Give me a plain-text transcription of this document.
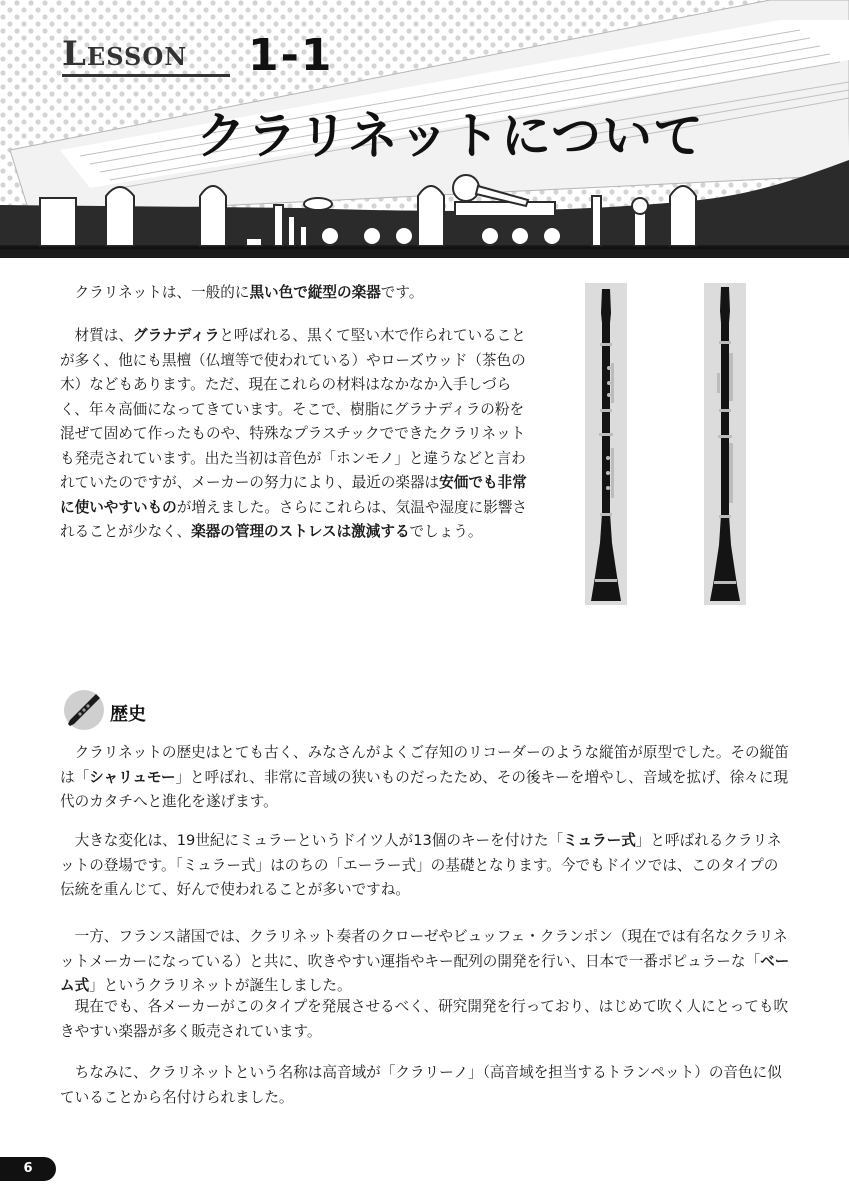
Lesson 1-1
クラリネットについて

クラリネットは、一般的に黒い色で縦型の楽器です。

材質は、グラナディラと呼ばれる、黒くて堅い木で作られていることが多く、他にも黒檀（仏壇等で使われている）やローズウッド（茶色の木）などもあります。ただ、現在これらの材料はなかなか入手しづらく、年々高価になってきています。そこで、樹脂にグラナディラの粉を混ぜて固めて作ったものや、特殊なプラスチックでできたクラリネットも発売されています。出た当初は音色が「ホンモノ」と違うなどと言われていたのですが、メーカーの努力により、最近の楽器は安価でも非常に使いやすいものが増えました。さらにこれらは、気温や湿度に影響されることが少なく、楽器の管理のストレスは激減するでしょう。

歴史

クラリネットの歴史はとても古く、みなさんがよくご存知のリコーダーのような縦笛が原型でした。その縦笛は「シャリュモー」と呼ばれ、非常に音域の狭いものだったため、その後キーを増やし、音域を拡げ、徐々に現代のカタチへと進化を遂げます。

大きな変化は、19世紀にミュラーというドイツ人が13個のキーを付けた「ミュラー式」と呼ばれるクラリネットの登場です。「ミュラー式」はのちの「エーラー式」の基礎となります。今でもドイツでは、このタイプの伝統を重んじて、好んで使われることが多いですね。

一方、フランス諸国では、クラリネット奏者のクローゼやビュッフェ・クランポン（現在では有名なクラリネットメーカーになっている）と共に、吹きやすい運指やキー配列の開発を行い、日本で一番ポピュラーな「ベーム式」というクラリネットが誕生しました。

現在でも、各メーカーがこのタイプを発展させるべく、研究開発を行っており、はじめて吹く人にとっても吹きやすい楽器が多く販売されています。

ちなみに、クラリネットという名称は高音域が「クラリーノ」（高音域を担当するトランペット）の音色に似ていることから名付けられました。

6
